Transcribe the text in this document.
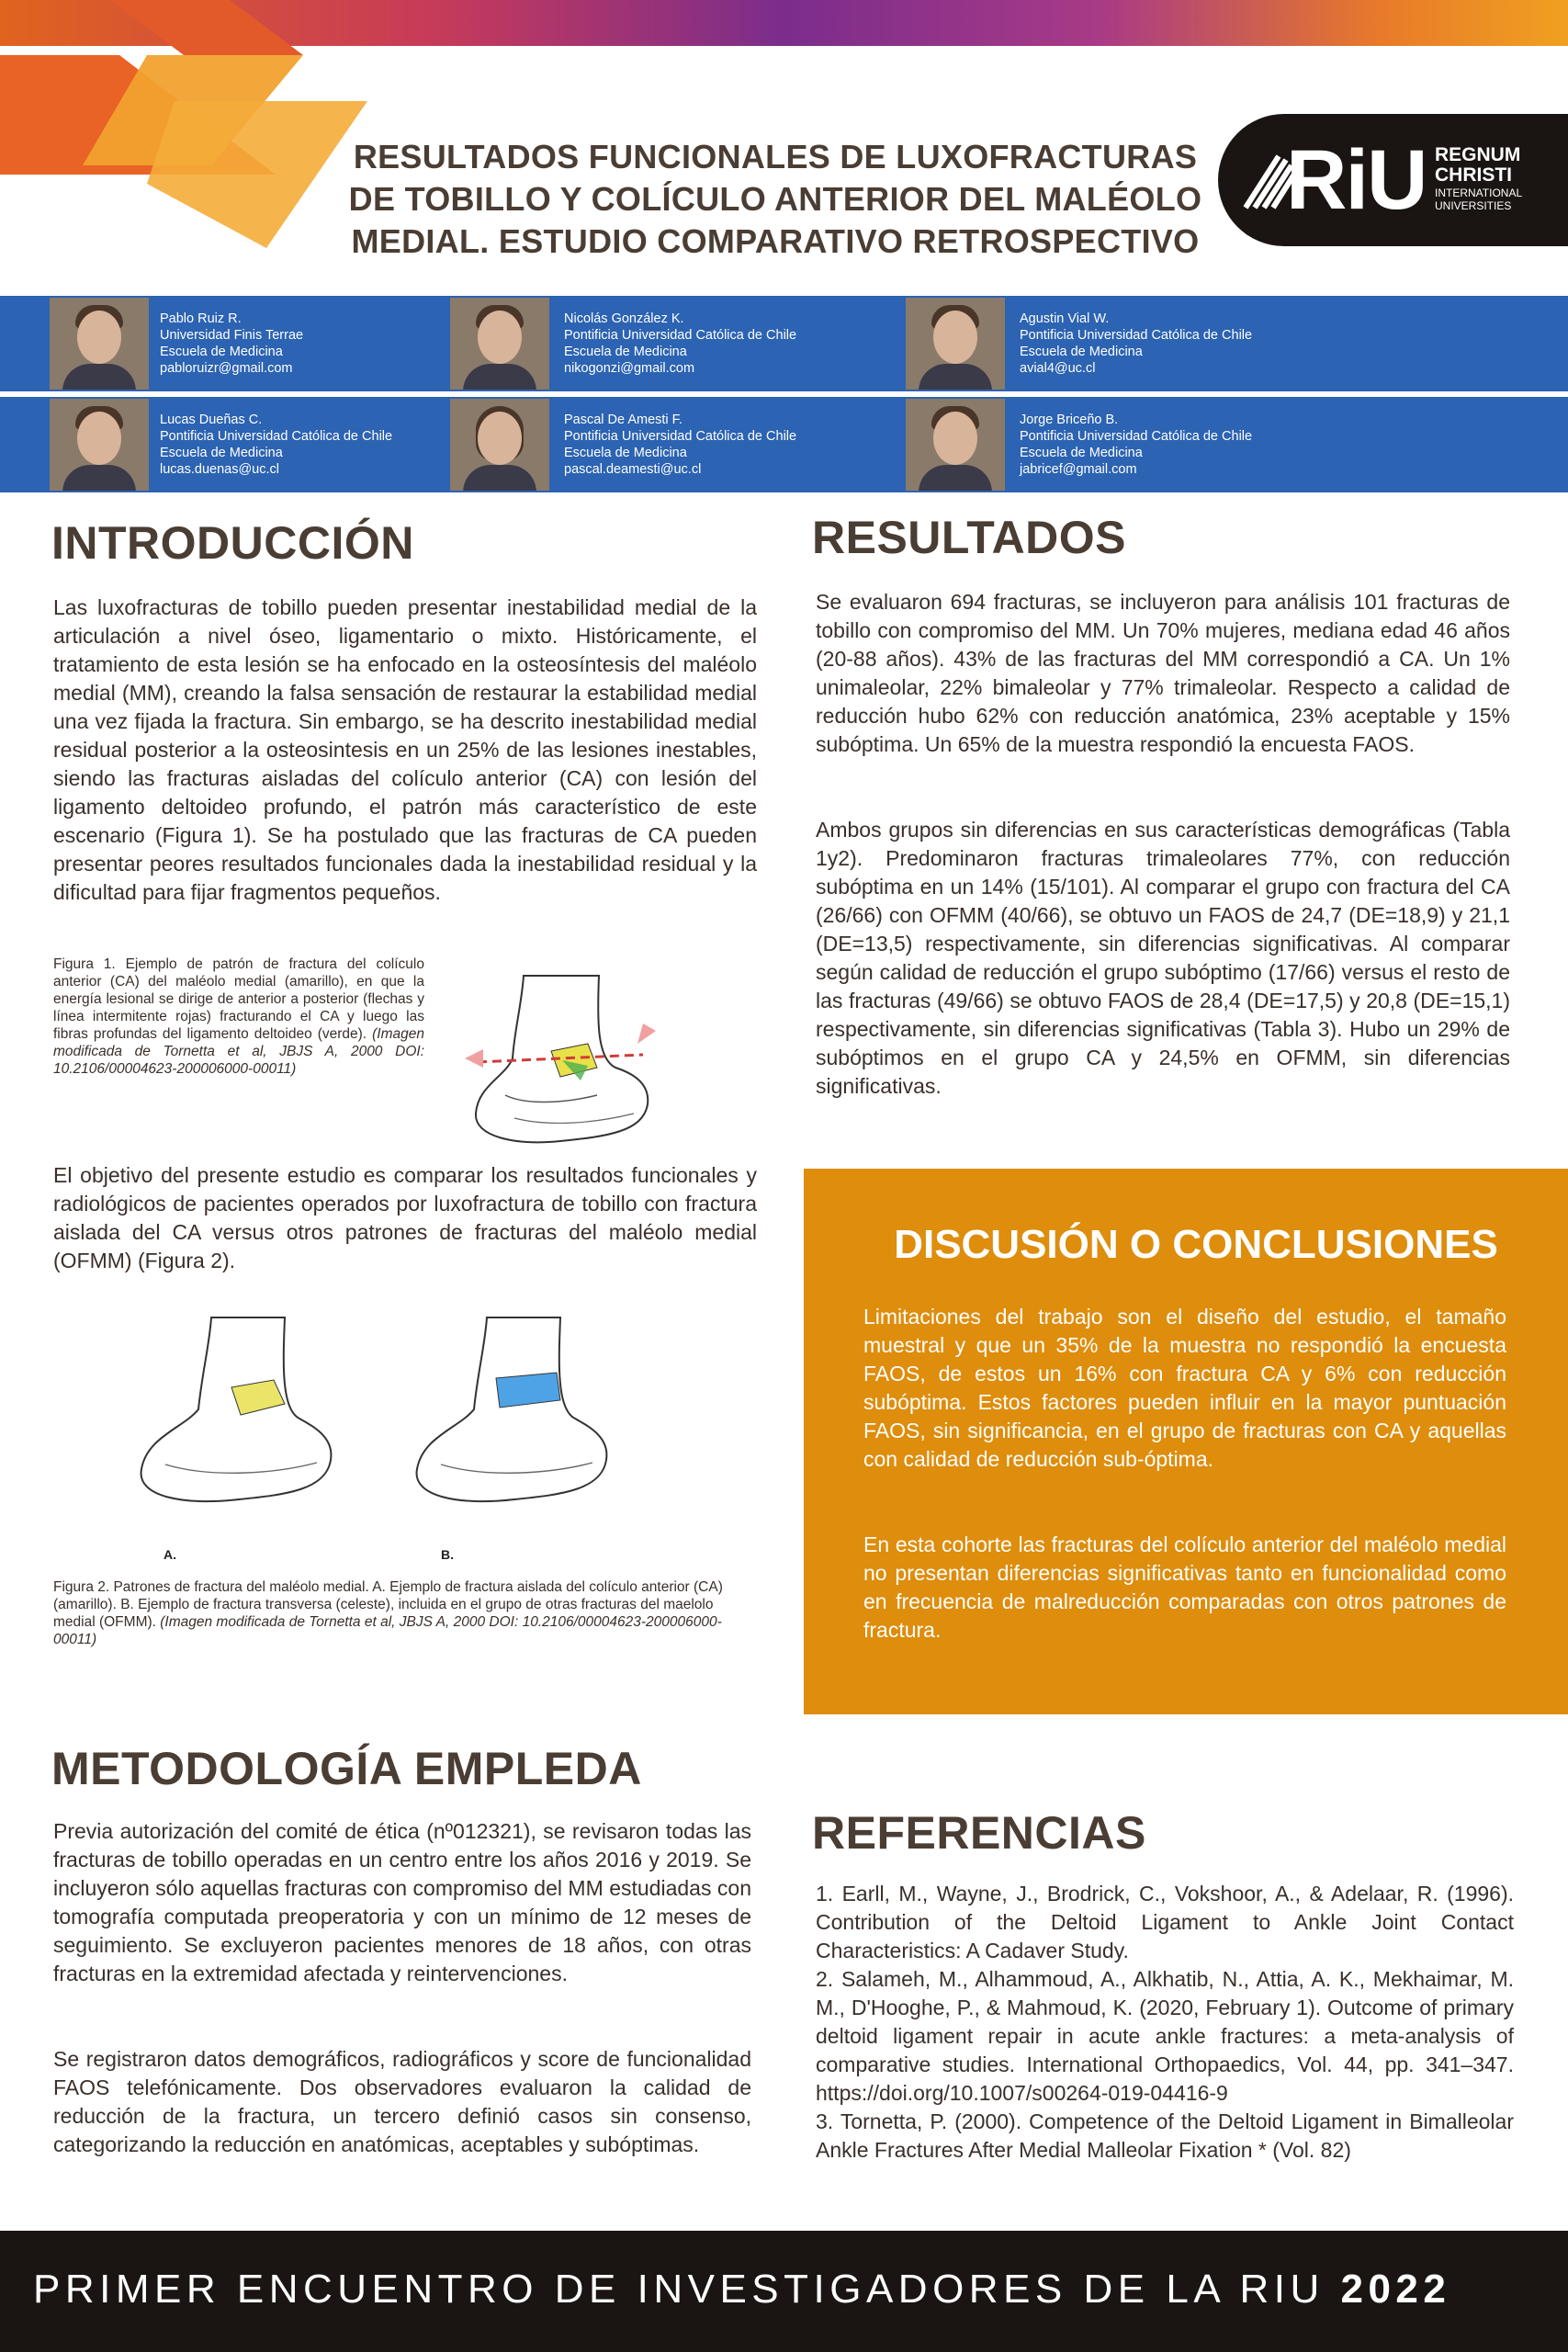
RESULTADOS FUNCIONALES DE LUXOFRACTURAS
DE TOBILLO Y COLÍCULO ANTERIOR DEL MALÉOLO
MEDIAL. ESTUDIO COMPARATIVO RETROSPECTIVO
RiU REGNUM
CHRISTI
INTERNATIONAL
UNIVERSITIES
Pablo Ruiz R.
Universidad Finis Terrae
Escuela de Medicina
pabloruizr@gmail.com
Nicolás González K.
Pontificia Universidad Católica de Chile
Escuela de Medicina
nikogonzi@gmail.com
Agustin Vial W.
Pontificia Universidad Católica de Chile
Escuela de Medicina
avial4@uc.cl
Lucas Dueñas C.
Pontificia Universidad Católica de Chile
Escuela de Medicina
lucas.duenas@uc.cl
Pascal De Amesti F.
Pontificia Universidad Católica de Chile
Escuela de Medicina
pascal.deamesti@uc.cl
Jorge Briceño B.
Pontificia Universidad Católica de Chile
Escuela de Medicina
jabricef@gmail.com
INTRODUCCIÓN

Las luxofracturas de tobillo pueden presentar inestabilidad medial de la articulación a nivel óseo, ligamentario o mixto. Históricamente, el tratamiento de esta lesión se ha enfocado en la osteosíntesis del maléolo medial (MM), creando la falsa sensación de restaurar la estabilidad medial una vez fijada la fractura. Sin embargo, se ha descrito inestabilidad medial residual posterior a la osteosintesis en un 25% de las lesiones inestables, siendo las fracturas aisladas del colículo anterior (CA) con lesión del ligamento deltoideo profundo, el patrón más característico de este escenario (Figura 1). Se ha postulado que las fracturas de CA pueden presentar peores resultados funcionales dada la inestabilidad residual y la dificultad para fijar fragmentos pequeños.

Figura 1. Ejemplo de patrón de fractura del colículo anterior (CA) del maléolo medial (amarillo), en que la energía lesional se dirige de anterior a posterior (flechas y línea intermitente rojas) fracturando el CA y luego las fibras profundas del ligamento deltoideo (verde). (Imagen modificada de Tornetta et al, JBJS A, 2000 DOI: 10.2106/00004623-200006000-00011)

El objetivo del presente estudio es comparar los resultados funcionales y radiológicos de pacientes operados por luxofractura de tobillo con fractura aislada del CA versus otros patrones de fracturas del maléolo medial (OFMM) (Figura 2).

A.	B.

Figura 2. Patrones de fractura del maléolo medial. A. Ejemplo de fractura aislada del colículo anterior (CA) (amarillo). B. Ejemplo de fractura transversa (celeste), incluida en el grupo de otras fracturas del maelolo medial (OFMM). (Imagen modificada de Tornetta et al, JBJS A, 2000 DOI: 10.2106/00004623-200006000-00011)

METODOLOGÍA EMPLEDA

Previa autorización del comité de ética (nº012321), se revisaron todas las fracturas de tobillo operadas en un centro entre los años 2016 y 2019. Se incluyeron sólo aquellas fracturas con compromiso del MM estudiadas con tomografía computada preoperatoria y con un mínimo de 12 meses de seguimiento. Se excluyeron pacientes menores de 18 años, con otras fracturas en la extremidad afectada y reintervenciones.

Se registraron datos demográficos, radiográficos y score de funcionalidad FAOS telefónicamente. Dos observadores evaluaron la calidad de reducción de la fractura, un tercero definió casos sin consenso, categorizando la reducción en anatómicas, aceptables y subóptimas.

RESULTADOS

Se evaluaron 694 fracturas, se incluyeron para análisis 101 fracturas de tobillo con compromiso del MM. Un 70% mujeres, mediana edad 46 años (20-88 años). 43% de las fracturas del MM correspondió a CA. Un 1% unimaleolar, 22% bimaleolar y 77% trimaleolar. Respecto a calidad de reducción hubo 62% con reducción anatómica, 23% aceptable y 15% subóptima. Un 65% de la muestra respondió la encuesta FAOS.

Ambos grupos sin diferencias en sus características demográficas (Tabla 1y2). Predominaron fracturas trimaleolares 77%, con reducción subóptima en un 14% (15/101). Al comparar el grupo con fractura del CA (26/66) con OFMM (40/66), se obtuvo un FAOS de 24,7 (DE=18,9) y 21,1 (DE=13,5) respectivamente, sin diferencias significativas. Al comparar según calidad de reducción el grupo subóptimo (17/66) versus el resto de las fracturas (49/66) se obtuvo FAOS de 28,4 (DE=17,5) y 20,8 (DE=15,1) respectivamente, sin diferencias significativas (Tabla 3). Hubo un 29% de subóptimos en el grupo CA y 24,5% en OFMM, sin diferencias significativas.

DISCUSIÓN O CONCLUSIONES

Limitaciones del trabajo son el diseño del estudio, el tamaño muestral y que un 35% de la muestra no respondió la encuesta FAOS, de estos un 16% con fractura CA y 6% con reducción subóptima. Estos factores pueden influir en la mayor puntuación FAOS, sin significancia, en el grupo de fracturas con CA y aquellas con calidad de reducción sub-óptima.

En esta cohorte las fracturas del colículo anterior del maléolo medial no presentan diferencias significativas tanto en funcionalidad como en frecuencia de malreducción comparadas con otros patrones de fractura.

REFERENCIAS

1. Earll, M., Wayne, J., Brodrick, C., Vokshoor, A., & Adelaar, R. (1996). Contribution of the Deltoid Ligament to Ankle Joint Contact Characteristics: A Cadaver Study.

2. Salameh, M., Alhammoud, A., Alkhatib, N., Attia, A. K., Mekhaimar, M. M., D'Hooghe, P., & Mahmoud, K. (2020, February 1). Outcome of primary deltoid ligament repair in acute ankle fractures: a meta-analysis of comparative studies. International Orthopaedics, Vol. 44, pp. 341–347. https://doi.org/10.1007/s00264-019-04416-9

3. Tornetta, P. (2000). Competence of the Deltoid Ligament in Bimalleolar Ankle Fractures After Medial Malleolar Fixation * (Vol. 82)

PRIMER ENCUENTRO DE INVESTIGADORES DE LA RIU 2022
